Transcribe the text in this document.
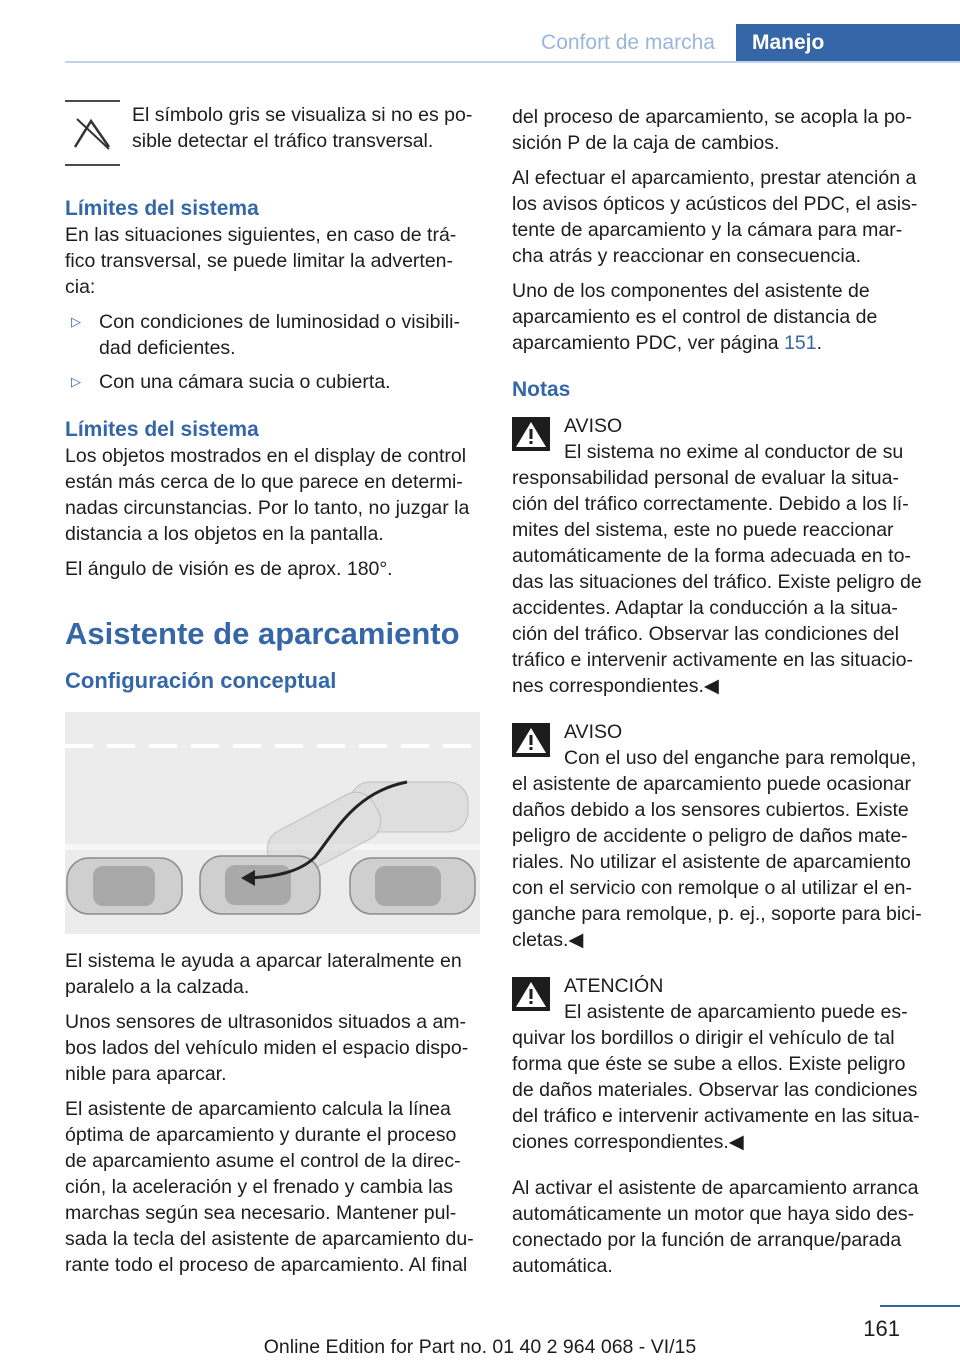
Confort de marcha	Manejo
El símbolo gris se visualiza si no es po‐ sible detectar el tráfico transversal.
Límites del sistema
En las situaciones siguientes, en caso de trá‐ fico transversal, se puede limitar la adverten‐ cia:
▷ Con condiciones de luminosidad o visibili‐ dad deficientes.
▷ Con una cámara sucia o cubierta.
Límites del sistema
Los objetos mostrados en el display de control están más cerca de lo que parece en determi‐ nadas circunstancias. Por lo tanto, no juzgar la distancia a los objetos en la pantalla.
El ángulo de visión es de aprox. 180°.
Asistente de aparcamiento
Configuración conceptual
El sistema le ayuda a aparcar lateralmente en paralelo a la calzada.
Unos sensores de ultrasonidos situados a am‐ bos lados del vehículo miden el espacio dispo‐ nible para aparcar.
El asistente de aparcamiento calcula la línea óptima de aparcamiento y durante el proceso de aparcamiento asume el control de la direc‐ ción, la aceleración y el frenado y cambia las marchas según sea necesario. Mantener pul‐ sada la tecla del asistente de aparcamiento du‐ rante todo el proceso de aparcamiento. Al final
del proceso de aparcamiento, se acopla la po‐ sición P de la caja de cambios.
Al efectuar el aparcamiento, prestar atención a los avisos ópticos y acústicos del PDC, el asis‐ tente de aparcamiento y la cámara para mar‐ cha atrás y reaccionar en consecuencia.
Uno de los componentes del asistente de aparcamiento es el control de distancia de aparcamiento PDC, ver página 151.
Notas
AVISO
El sistema no exime al conductor de su responsabilidad personal de evaluar la situa‐ ción del tráfico correctamente. Debido a los lí‐ mites del sistema, este no puede reaccionar automáticamente de la forma adecuada en to‐ das las situaciones del tráfico. Existe peligro de accidentes. Adaptar la conducción a la situa‐ ción del tráfico. Observar las condiciones del tráfico e intervenir activamente en las situacio‐ nes correspondientes.◀
AVISO
Con el uso del enganche para remolque, el asistente de aparcamiento puede ocasionar daños debido a los sensores cubiertos. Existe peligro de accidente o peligro de daños mate‐ riales. No utilizar el asistente de aparcamiento con el servicio con remolque o al utilizar el en‐ ganche para remolque, p. ej., soporte para bici‐ cletas.◀
ATENCIÓN
El asistente de aparcamiento puede es‐ quivar los bordillos o dirigir el vehículo de tal forma que éste se sube a ellos. Existe peligro de daños materiales. Observar las condiciones del tráfico e intervenir activamente en las situa‐ ciones correspondientes.◀
Al activar el asistente de aparcamiento arranca automáticamente un motor que haya sido des‐ conectado por la función de arranque/parada automática.
161
Online Edition for Part no. 01 40 2 964 068 - VI/15
